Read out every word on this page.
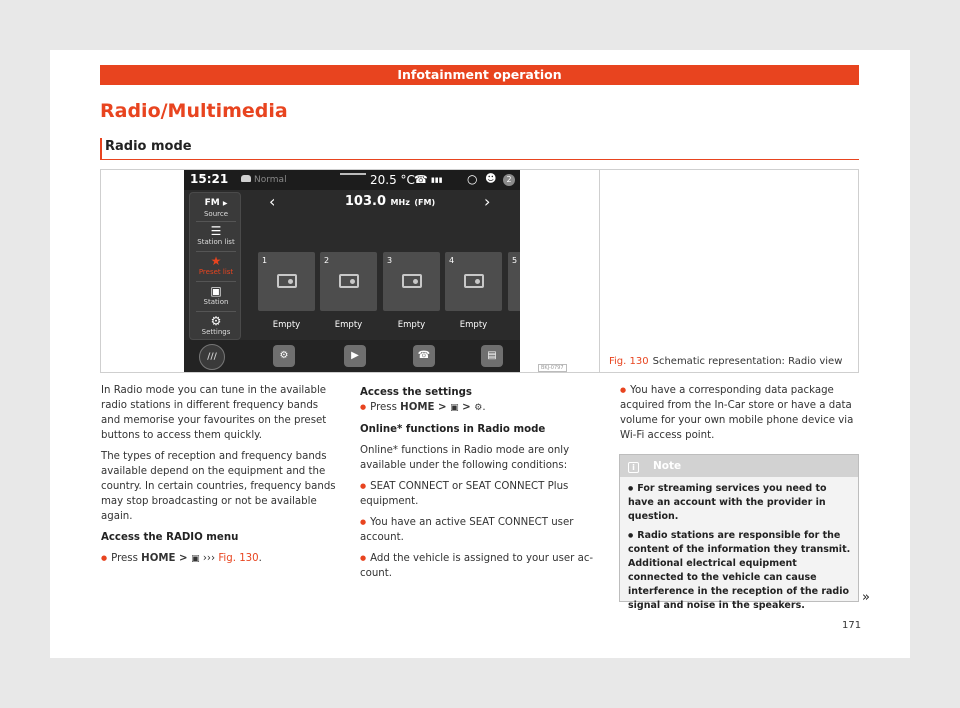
Infotainment operation
Radio/Multimedia
Radio mode
15:21	Normal	20.5 °C ☎ ▮▮▮ ○ ☻	2
FM ▶
Source
☰
Station list
★
Preset list
▣
Station
⚙
Settings
‹	103.0 MHz (FM)	›
1	2	3	4	5
Empty	Empty	Empty	Empty
///	⚙	▶	☎	▤
BKJ-0797
Fig. 130 Schematic representation: Radio view

In Radio mode you can tune in the available radio stations in different frequency bands and memorise your favourites on the preset buttons to access them quickly.

The types of reception and frequency bands available depend on the equipment and the country. In certain countries, frequency bands may stop broadcasting or not be available again.

Access the RADIO menu

● Press HOME > ▣ ››› Fig. 130.

Access the settings

● Press HOME > ▣ > ⚙.

Online* functions in Radio mode

Online* functions in Radio mode are only available under the following conditions:

● SEAT CONNECT or SEAT CONNECT Plus equipment.

● You have an active SEAT CONNECT user account.

● Add the vehicle is assigned to your user ac-count.

● You have a corresponding data package acquired from the In-Car store or have a data volume for your own mobile phone device via Wi-Fi access point.

i Note
● For streaming services you need to have an account with the provider in question.
● Radio stations are responsible for the content of the information they transmit. Additional electrical equipment connected to the vehicle can cause interference in the reception of the radio signal and noise in the speakers.
»
171
